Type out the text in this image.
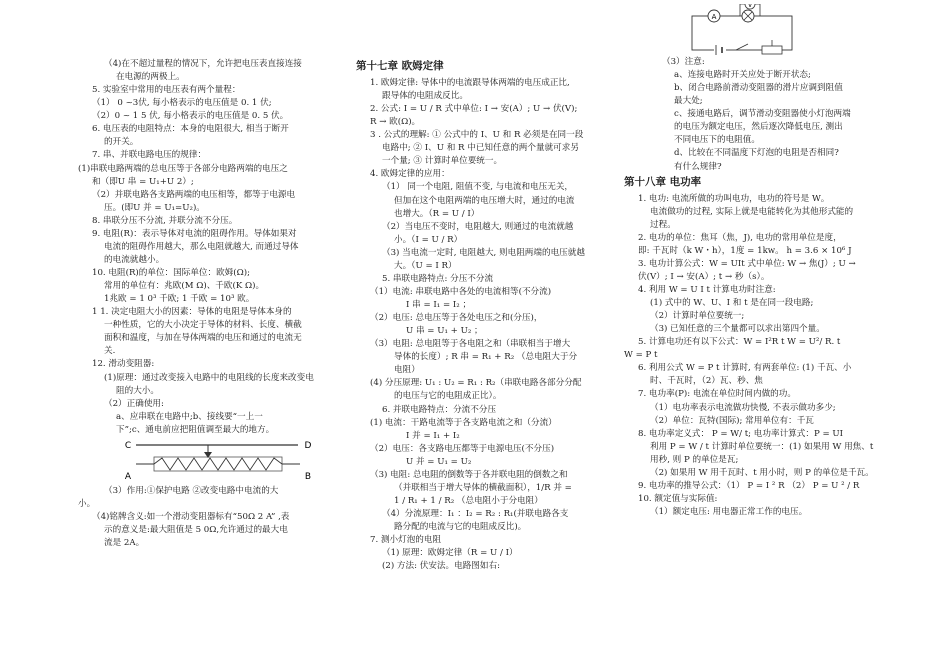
（4)在不超过量程的情况下，允许把电压表直接连接
在电源的两极上。
5. 实验室中常用的电压表有两个量程：
（1） 0 ~3伏, 每小格表示的电压值是 0. 1 伏;
（2）0 ~ 1 5 伏, 每小格表示的电压值是 0. 5 伏。
6. 电压表的电阻特点：本身的电阻很大, 相当于断开
的开关。
7. 串、并联电路电压的规律：
(1)串联电路两端的总电压等于各部分电路两端的电压之
和（即U 串 = U₁+U 2）;
（2）并联电路各支路两端的电压相等，都等于电源电
压。(即U 并 = U₁=U₂)。
8. 串联分压不分流, 并联分流不分压。
9. 电阻(R)：表示导体对电流的阻碍作用。导体如果对
电流的阻碍作用越大，那么电阻就越大, 而通过导体
的电流就越小。
10. 电阻(R)的单位：国际单位：欧姆(Ω);
常用的单位有：兆欧(M Ω)、千欧(K Ω)。
1兆欧 = 1 0³ 千欧; 1 千欧 = 10³ 欧。
1 1. 决定电阻大小的因素：导体的电阻是导体本身的
一种性质，它的大小决定于导体的材料、长度、横截
面积和温度，与加在导体两端的电压和通过的电流无
关.
12. 滑动变阻器:
(1)原理：通过改变接入电路中的电阻线的长度来改变电
阻的大小。
（2）正确使用:
a、应串联在电路中;b、接线要“一上一
下”;c、通电前应把阻值调至最大的地方。
C	D
A	B
（3）作用:①保护电路 ②改变电路中电流的大
小。
（4)铭牌含义:如一个滑动变阻器标有“50Ω 2 A” ,表
示的意义是:最大阻值是 5 0Ω,允许通过的最大电
流是 2A。
第十七章 欧姆定律
1. 欧姆定律: 导体中的电流跟导体两端的电压成正比,
跟导体的电阻成反比。
2. 公式: I = U / R 式中单位: I → 安(A）; U → 伏(V);
R → 欧(Ω)。
3 . 公式的理解: ① 公式中的 I、U 和 R 必须是在同一段
电路中; ② I、U 和 R 中已知任意的两个量就可求另
一个量; ③ 计算时单位要统一。
4. 欧姆定律的应用：
（1） 同一个电阻, 阻值不变, 与电流和电压无关，
但加在这个电阻两端的电压增大时，通过的电流
也增大。（R = U / I）
（2）当电压不变时，电阻越大, 则通过的电流就越
小。（I = U / R）
（3) 当电流一定时, 电阻越大, 则电阻两端的电压就越
大。（U = I R）
5. 串联电路特点: 分压不分流
（1）电流: 串联电路中各处的电流相等(不分流)
I 串 = I₁ = I₂ ；
（2）电压: 总电压等于各处电压之和(分压)，
U 串 = U₁ + U₂ ；
（3）电阻: 总电阻等于各电阻之和（串联相当于增大
导体的长度）; R 串 = R₁ + R₂ （总电阻大于分
电阻）
(4) 分压原理: U₁ : U₂ = R₁ : R₂（串联电路各部分分配
的电压与它的电阻成正比）。
6. 并联电路特点：分流不分压
(1) 电流：干路电流等于各支路电流之和（分流）
I 并 = I₁ + I₂
（2）电压：各支路电压都等于电源电压(不分压)
U 并 = U₁ = U₂
（3) 电阻: 总电阻的倒数等于各并联电阻的倒数之和
（并联相当于增大导体的横截面积），1/R 并 =
1 / R₁ + 1 / R₂ （总电阻小于分电阻）
（4）分流原理：I₁ ：I₂ = R₂ : R₁(并联电路各支
路分配的电流与它的电阻成反比)。
7. 测小灯泡的电阻
（1) 原理：欧姆定律（R = U / I）
(2) 方法: 伏安法。电路图如右:
A
V
（3）注意:
a、连接电路时开关应处于断开状态;
b、闭合电路前滑动变阻器的滑片应调到阻值
最大处;
c、接通电路后，调节滑动变阻器使小灯泡两端
的电压为额定电压，然后逐次降低电压, 测出
不同电压下的电阻值。
d、比较在不同温度下灯泡的电阻是否相同?
有什么规律?
第十八章 电功率
1. 电功: 电流所做的功叫电功，电功的符号是 W。
电流做功的过程, 实际上就是电能转化为其他形式能的
过程。
2. 电功的单位：焦耳（焦，J), 电功的常用单位是度，
即: 千瓦时（k W・h），1度 = 1kw。 h = 3.6 × 10⁶ J
3. 电功计算公式：W = UIt 式中单位: W → 焦(J）; U →
伏(V）; I → 安(A）; t → 秒（s）。
4. 利用 W = U I t 计算电功时注意:
(1) 式中的 W、U、I 和 t 是在同一段电路;
（2）计算时单位要统一;
（3) 已知任意的三个量都可以求出第四个量。
5. 计算电功还有以下公式：W = I²R t W = U²/ R. t
W = P t
6. 利用公式 W = P t 计算时, 有两套单位: (1) 千瓦、小
时、千瓦时，（2）瓦、秒、焦
7. 电功率(P): 电流在单位时间内做的功。
（1）电功率表示电流做功快慢, 不表示做功多少;
（2）单位：瓦特(国际); 常用单位有：千瓦
8. 电功率定义式： P = W/ t; 电功率计算式：P = UI
利用 P = W / t 计算时单位要统一：(1) 如果用 W 用焦、t
用秒, 则 P 的单位是瓦;
（2) 如果用 W 用千瓦时、t 用小时，则 P 的单位是千瓦。
9. 电功率的推导公式：（1） P = I ² R （2） P = U ² / R
10. 额定值与实际值:
（1）额定电压: 用电器正常工作的电压。
